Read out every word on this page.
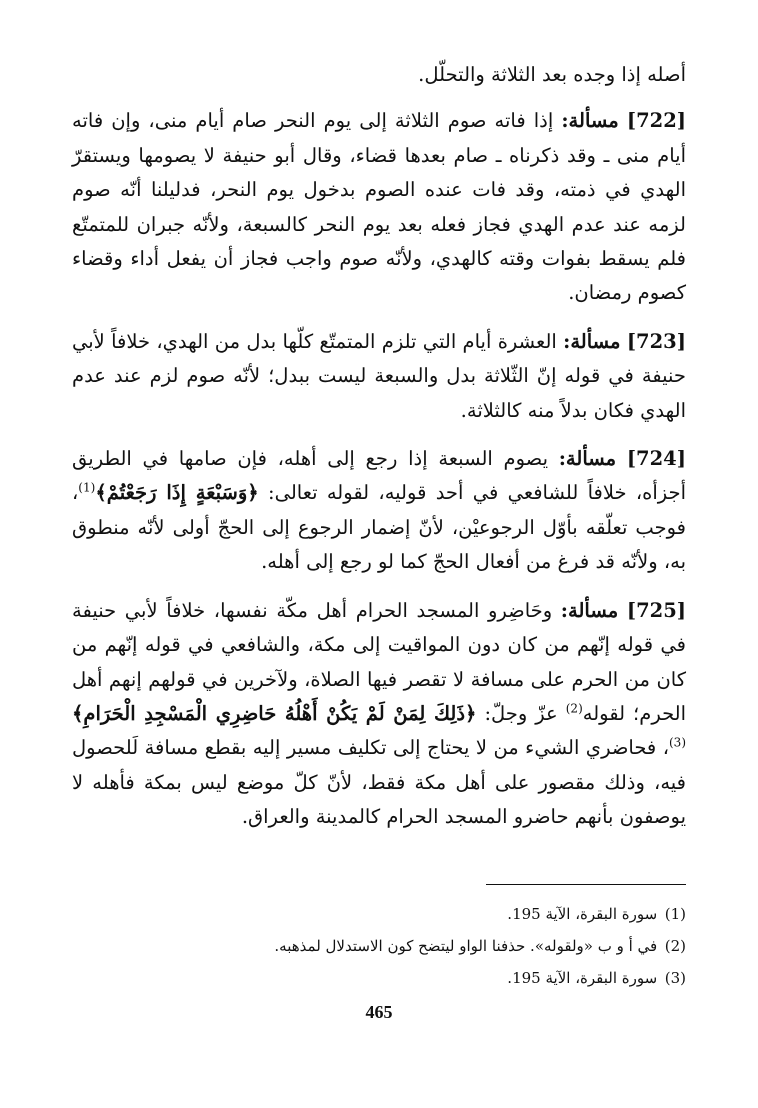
أصله إذا وجده بعد الثلاثة والتحلّل.

[722] مسألة: إذا فاته صوم الثلاثة إلى يوم النحر صام أيام منى، وإن فاته أيام منى ـ وقد ذكرناه ـ صام بعدها قضاء، وقال أبو حنيفة لا يصومها ويستقرّ الهدي في ذمته، وقد فات عنده الصوم بدخول يوم النحر، فدليلنا أنّه صوم لزمه عند عدم الهدي فجاز فعله بعد يوم النحر كالسبعة، ولأنّه جبران للمتمتّع فلم يسقط بفوات وقته كالهدي، ولأنّه صوم واجب فجاز أن يفعل أداء وقضاء كصوم رمضان.

[723] مسألة: العشرة أيام التي تلزم المتمتّع كلّها بدل من الهدي، خلافاً لأبي حنيفة في قوله إنّ الثّلاثة بدل والسبعة ليست ببدل؛ لأنّه صوم لزم عند عدم الهدي فكان بدلاً منه كالثلاثة.

[724] مسألة: يصوم السبعة إذا رجع إلى أهله، فإن صامها في الطريق أجزأه، خلافاً للشافعي في أحد قوليه، لقوله تعالى: ﴿وَسَبْعَةٍ إِذَا رَجَعْتُمْ﴾$^{(1)}$، فوجب تعلّقه بأوّل الرجوعيْن، لأنّ إضمار الرجوع إلى الحجّ أولى لأنّه منطوق به، ولأنّه قد فرغ من أفعال الحجّ كما لو رجع إلى أهله.

[725] مسألة: وحَاضِرو المسجد الحرام أهل مكّة نفسها، خلافاً لأبي حنيفة في قوله إنّهم من كان دون المواقيت إلى مكة، والشافعي في قوله إنّهم من كان من الحرم على مسافة لا تقصر فيها الصلاة، ولآخرين في قولهم إنهم أهل الحرم؛ لقوله$^{(2)}$ عزّ وجلّ: ﴿ذَلِكَ لِمَنْ لَمْ يَكُنْ أَهْلُهُ حَاضِرِي الْمَسْجِدِ الْحَرَامِ﴾$^{(3)}$، فحاضري الشيء من لا يحتاج إلى تكليف مسير إليه بقطع مسافة لَلحصول فيه، وذلك مقصور على أهل مكة فقط، لأنّ كلّ موضع ليس بمكة فأهله لا يوصفون بأنهم حاضرو المسجد الحرام كالمدينة والعراق.

(1) سورة البقرة، الآية 195.

(2) في أ و ب «ولقوله». حذفنا الواو ليتضح كون الاستدلال لمذهبه.

(3) سورة البقرة، الآية 195.

465
